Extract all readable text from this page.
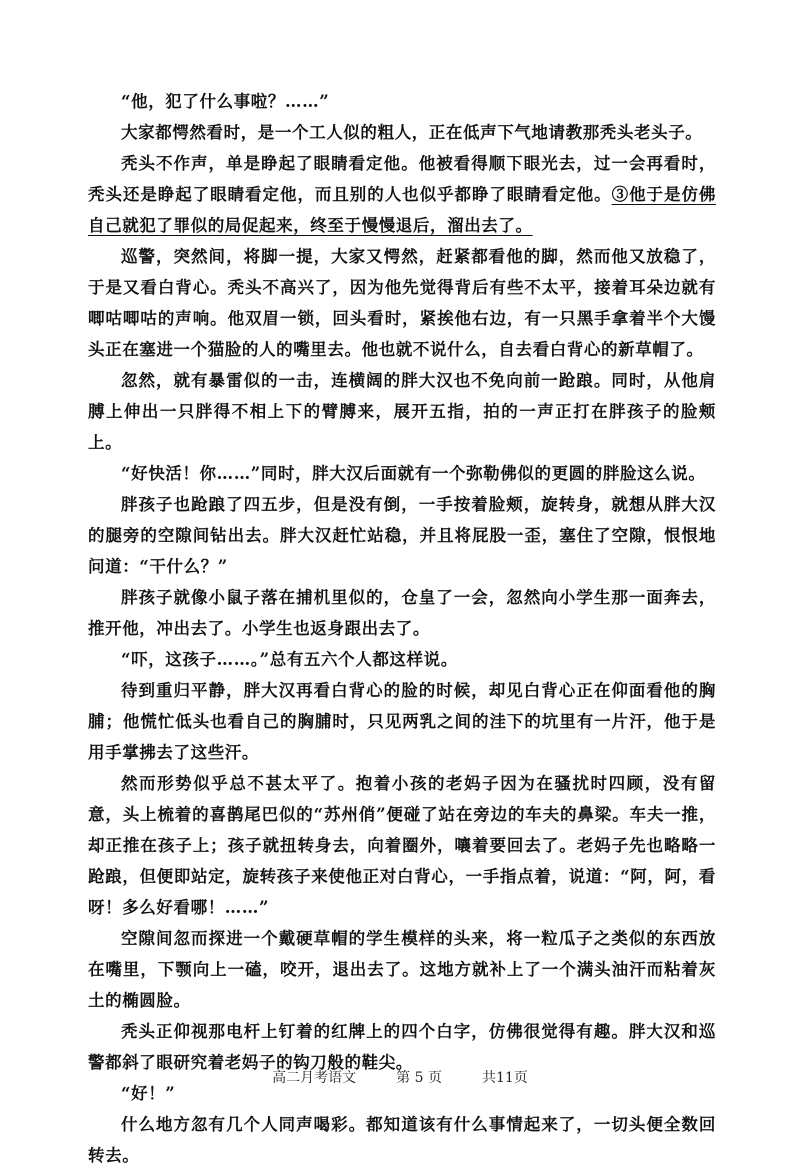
“他，犯了什么事啦？……”

大家都愕然看时，是一个工人似的粗人，正在低声下气地请教那秃头老头子。

秃头不作声，单是睁起了眼睛看定他。他被看得顺下眼光去，过一会再看时，秃头还是睁起了眼睛看定他，而且别的人也似乎都睁了眼睛看定他。③他于是仿佛自己就犯了罪似的局促起来，终至于慢慢退后，溜出去了。

巡警，突然间，将脚一提，大家又愕然，赶紧都看他的脚，然而他又放稳了，于是又看白背心。秃头不高兴了，因为他先觉得背后有些不太平，接着耳朵边就有唧咕唧咕的声响。他双眉一锁，回头看时，紧挨他右边，有一只黑手拿着半个大馒头正在塞进一个猫脸的人的嘴里去。他也就不说什么，自去看白背心的新草帽了。

忽然，就有暴雷似的一击，连横阔的胖大汉也不免向前一跄踉。同时，从他肩膊上伸出一只胖得不相上下的臂膊来，展开五指，拍的一声正打在胖孩子的脸颊上。

“好快活！你……”同时，胖大汉后面就有一个弥勒佛似的更圆的胖脸这么说。

胖孩子也跄踉了四五步，但是没有倒，一手按着脸颊，旋转身，就想从胖大汉的腿旁的空隙间钻出去。胖大汉赶忙站稳，并且将屁股一歪，塞住了空隙，恨恨地问道：“干什么？”

胖孩子就像小鼠子落在捕机里似的，仓皇了一会，忽然向小学生那一面奔去，推开他，冲出去了。小学生也返身跟出去了。

“吓，这孩子……。”总有五六个人都这样说。

待到重归平静，胖大汉再看白背心的脸的时候，却见白背心正在仰面看他的胸脯；他慌忙低头也看自己的胸脯时，只见两乳之间的洼下的坑里有一片汗，他于是用手掌拂去了这些汗。

然而形势似乎总不甚太平了。抱着小孩的老妈子因为在骚扰时四顾，没有留意，头上梳着的喜鹊尾巴似的“苏州俏”便碰了站在旁边的车夫的鼻梁。车夫一推，却正推在孩子上；孩子就扭转身去，向着圈外，嚷着要回去了。老妈子先也略略一跄踉，但便即站定，旋转孩子来使他正对白背心，一手指点着，说道：“阿，阿，看呀！多么好看哪！……”

空隙间忽而探进一个戴硬草帽的学生模样的头来，将一粒瓜子之类似的东西放在嘴里，下颚向上一磕，咬开，退出去了。这地方就补上了一个满头油汗而粘着灰土的椭圆脸。

秃头正仰视那电杆上钉着的红牌上的四个白字，仿佛很觉得有趣。胖大汉和巡警都斜了眼研究着老妈子的钩刀般的鞋尖。

“好！”

什么地方忽有几个人同声喝彩。都知道该有什么事情起来了，一切头便全数回转去。

高二月考语文	第 5 页	共11页
